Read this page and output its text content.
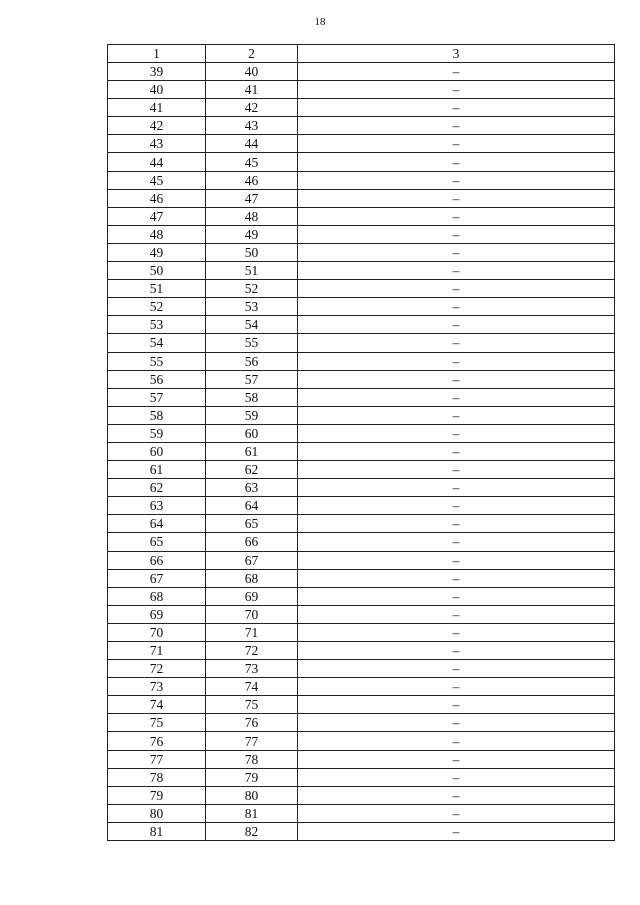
18
1	2	3
39	40	–
40	41	–
41	42	–
42	43	–
43	44	–
44	45	–
45	46	–
46	47	–
47	48	–
48	49	–
49	50	–
50	51	–
51	52	–
52	53	–
53	54	–
54	55	–
55	56	–
56	57	–
57	58	–
58	59	–
59	60	–
60	61	–
61	62	–
62	63	–
63	64	–
64	65	–
65	66	–
66	67	–
67	68	–
68	69	–
69	70	–
70	71	–
71	72	–
72	73	–
73	74	–
74	75	–
75	76	–
76	77	–
77	78	–
78	79	–
79	80	–
80	81	–
81	82	–
